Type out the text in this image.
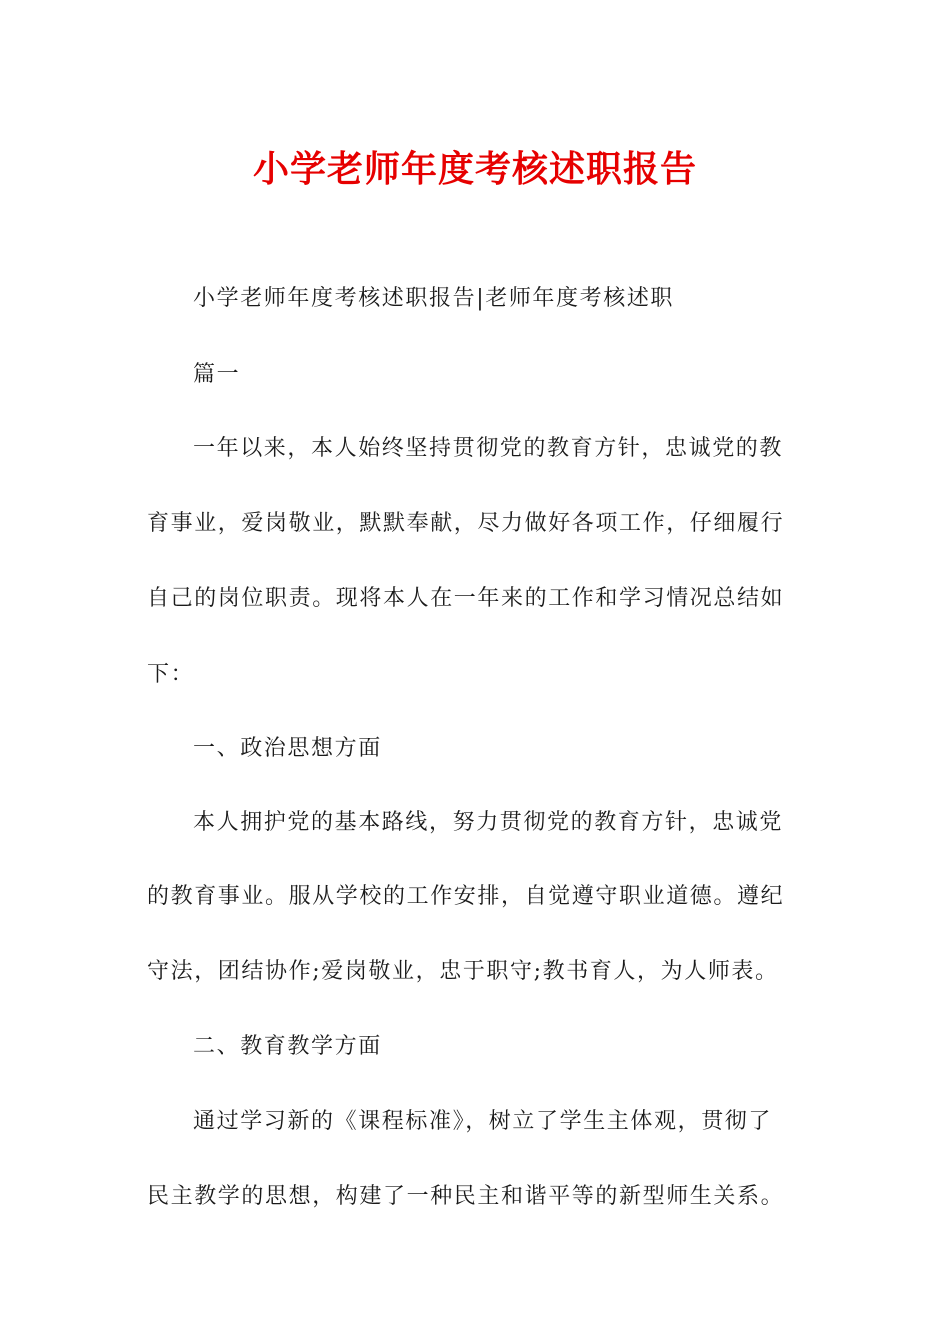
小学老师年度考核述职报告
小学老师年度考核述职报告|老师年度考核述职
篇一
一年以来，本人始终坚持贯彻党的教育方针，忠诚党的教
育事业，爱岗敬业，默默奉献，尽力做好各项工作，仔细履行
自己的岗位职责。现将本人在一年来的工作和学习情况总结如
下：
一、政治思想方面
本人拥护党的基本路线，努力贯彻党的教育方针，忠诚党
的教育事业。服从学校的工作安排，自觉遵守职业道德。遵纪
守法，团结协作;爱岗敬业，忠于职守;教书育人，为人师表。
二、教育教学方面
通过学习新的《课程标准》，树立了学生主体观，贯彻了
民主教学的思想，构建了一种民主和谐平等的新型师生关系。
